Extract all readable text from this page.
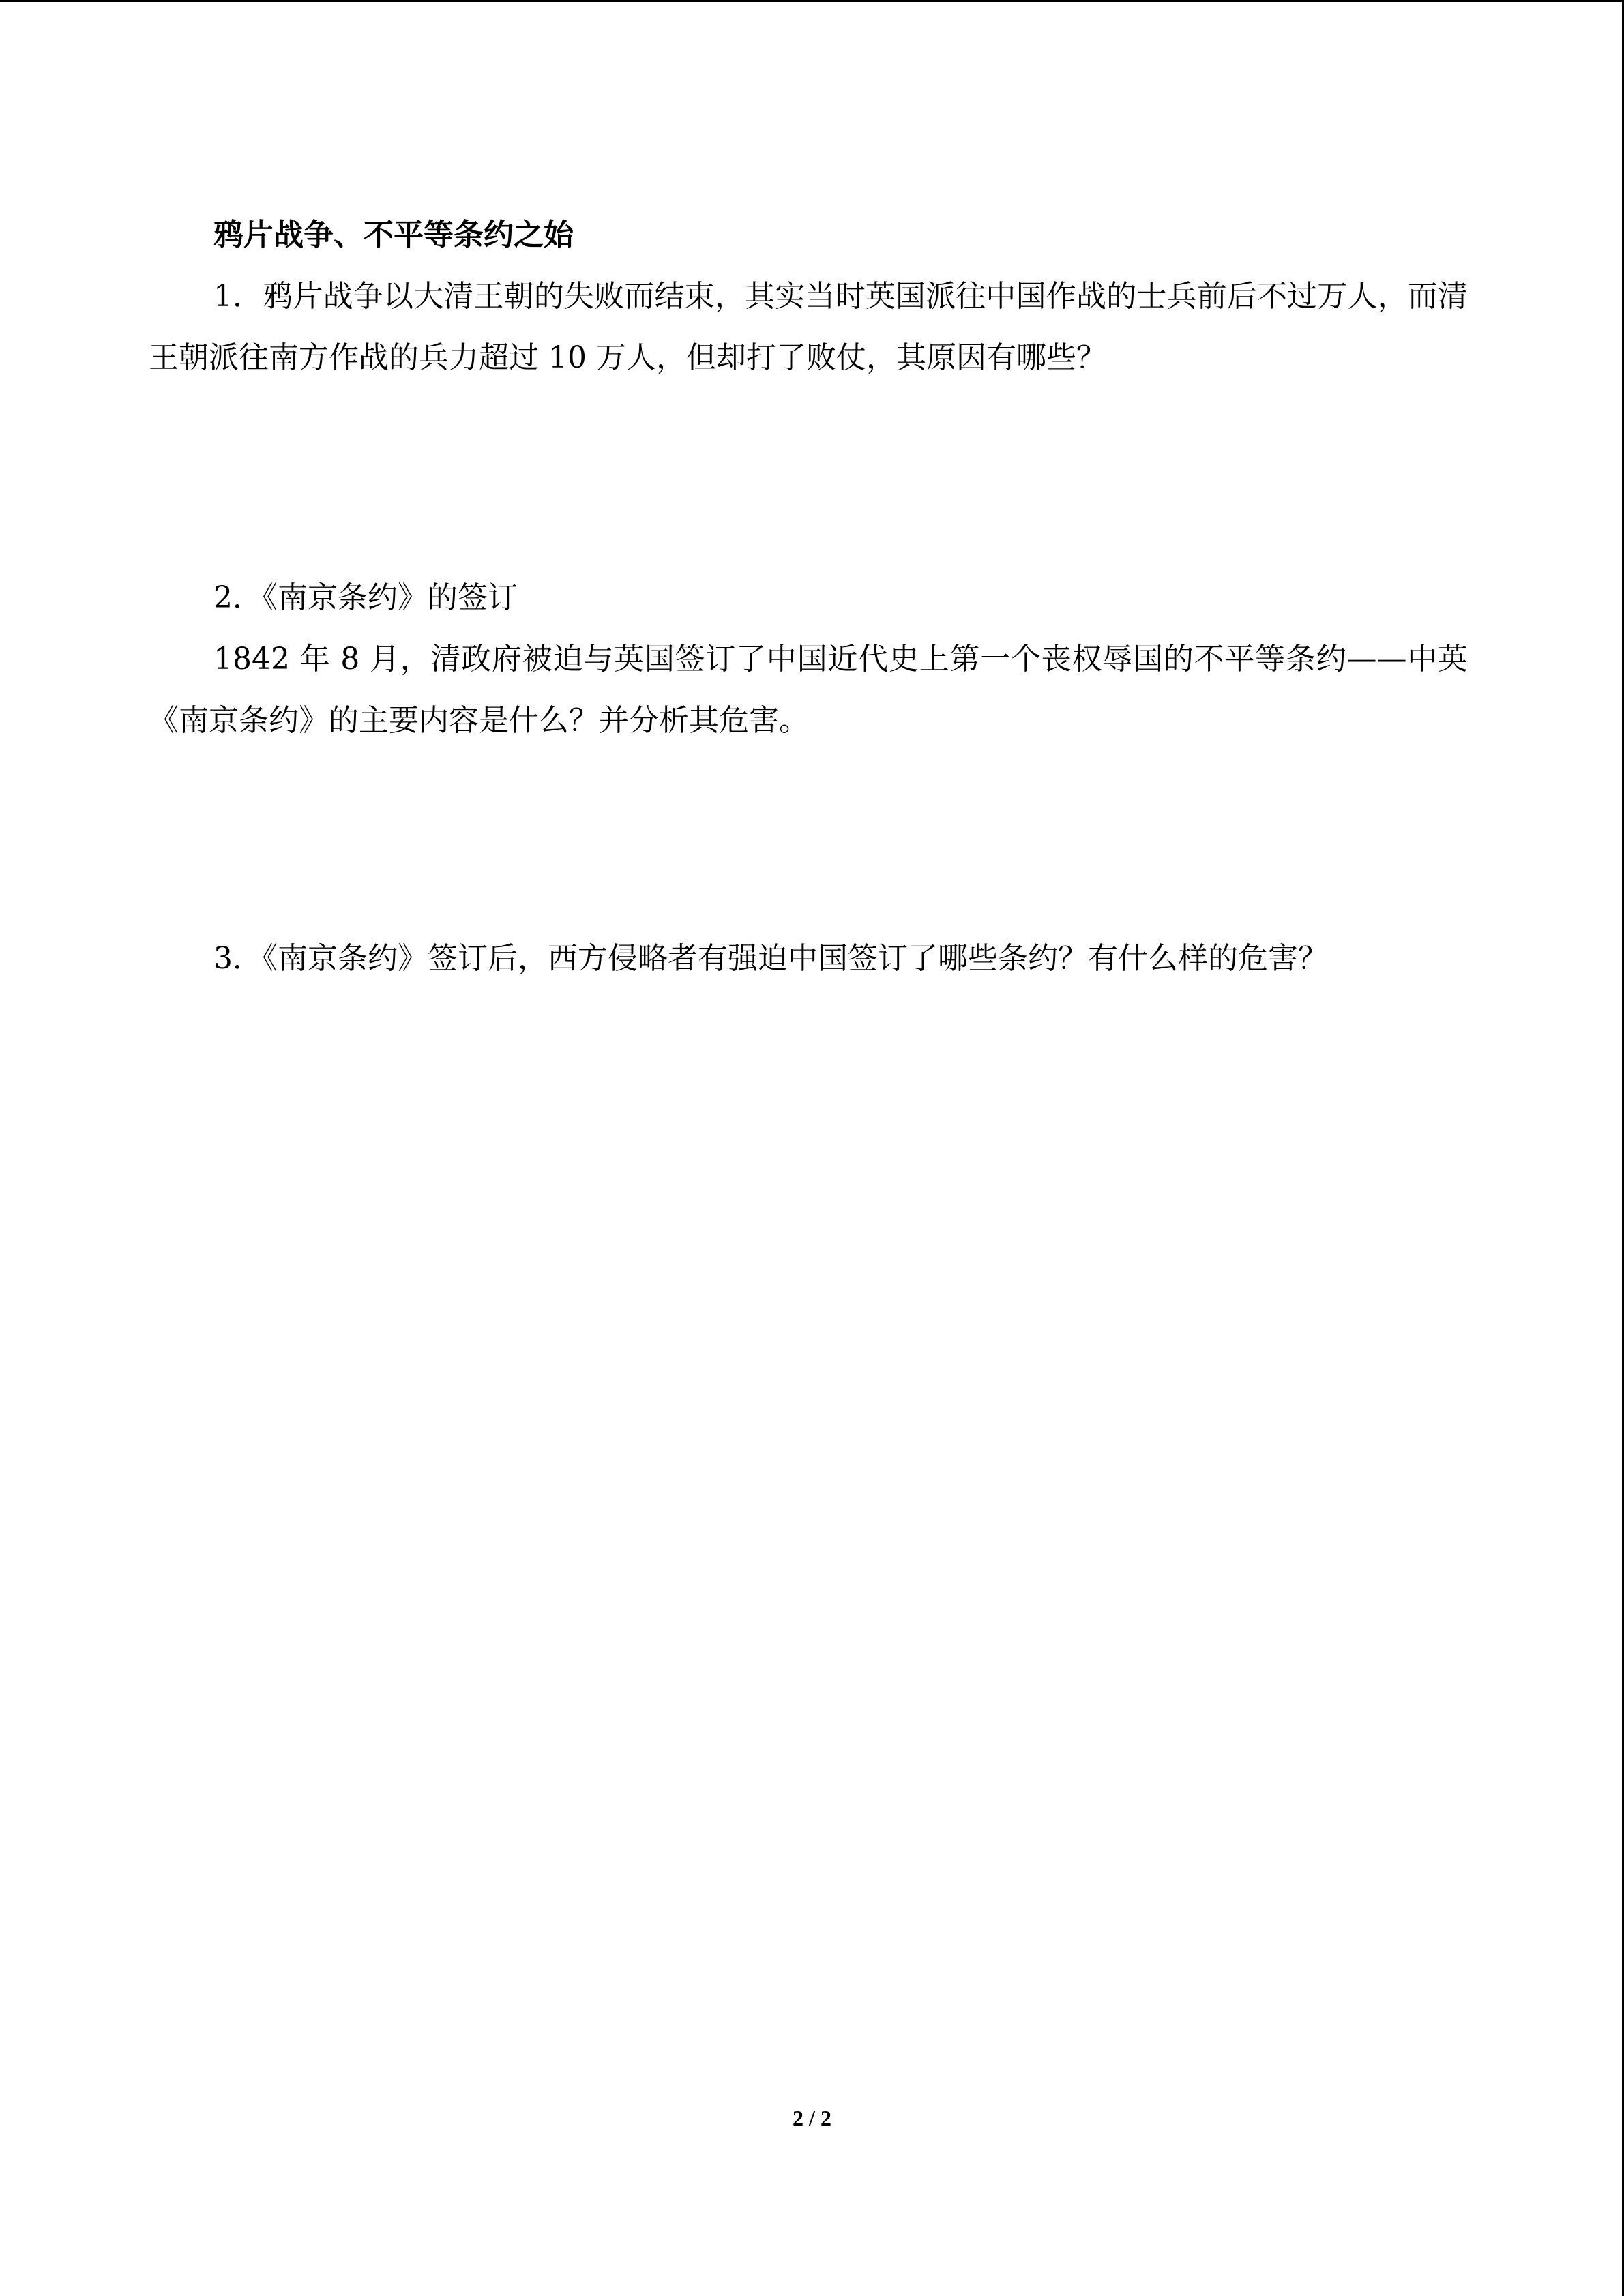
鸦片战争、不平等条约之始

1．鸦片战争以大清王朝的失败而结束，其实当时英国派往中国作战的士兵前后不过万人，而清王朝派往南方作战的兵力超过 10 万人，但却打了败仗，其原因有哪些？

2．《南京条约》的签订

1842 年 8 月，清政府被迫与英国签订了中国近代史上第一个丧权辱国的不平等条约——中英《南京条约》的主要内容是什么？并分析其危害。

3．《南京条约》签订后，西方侵略者有强迫中国签订了哪些条约？有什么样的危害？

2 / 2
